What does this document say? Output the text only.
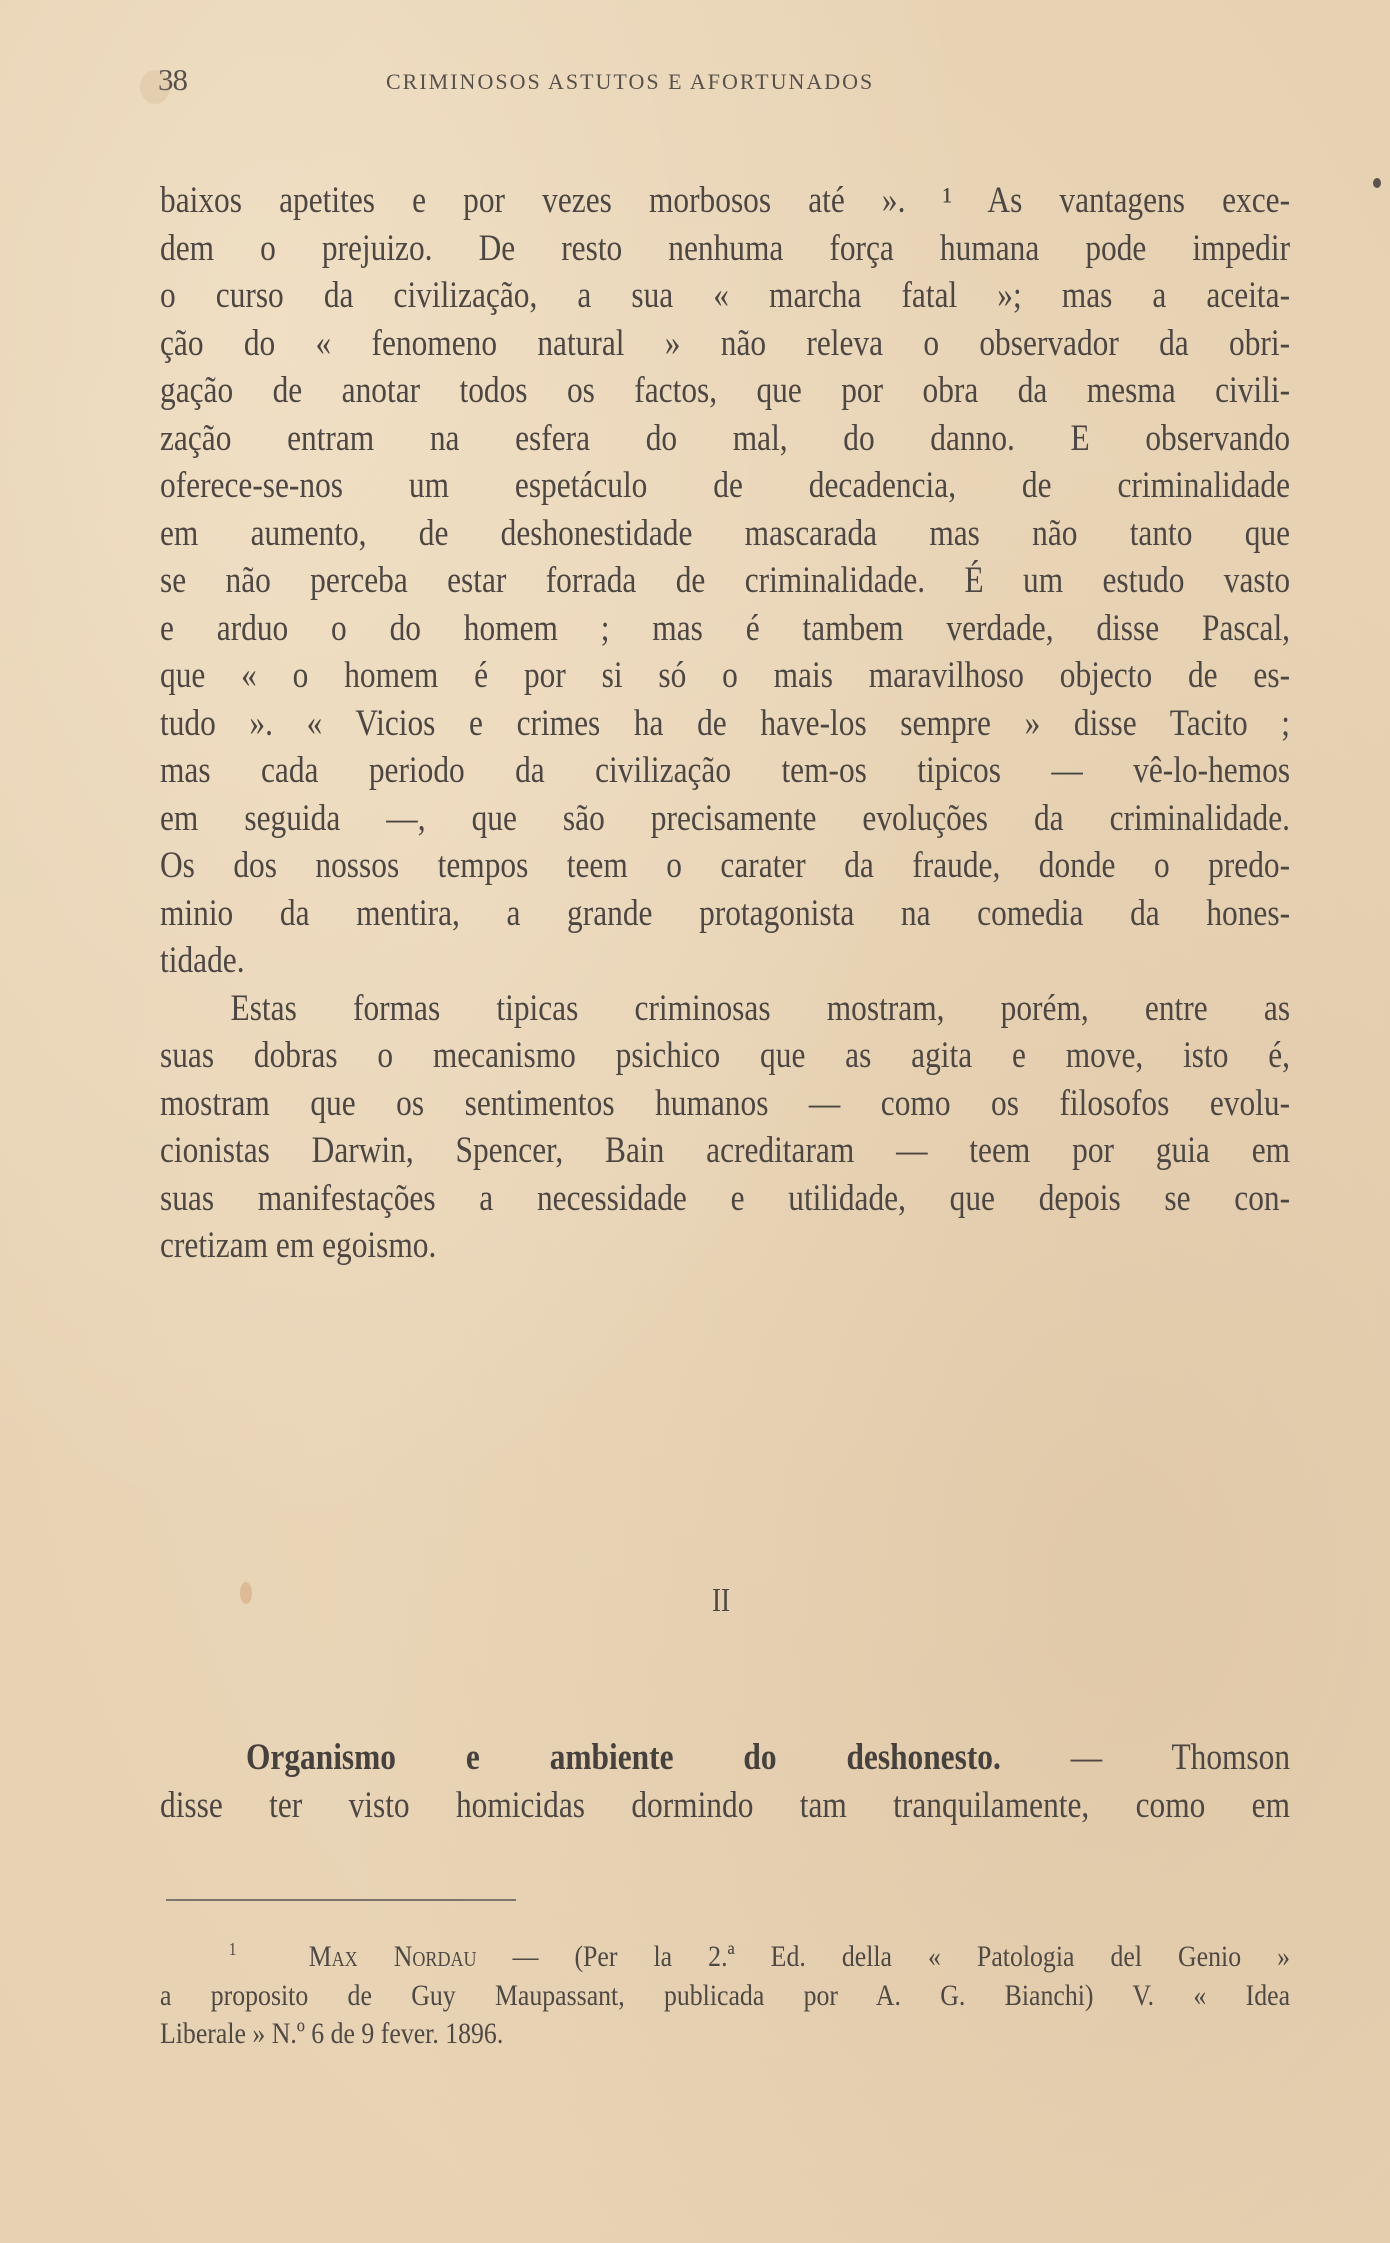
38	CRIMINOSOS ASTUTOS E AFORTUNADOS
baixos apetites e por vezes morbosos até ». ¹ As vantagens exce-
dem o prejuizo. De resto nenhuma força humana pode impedir
o curso da civilização, a sua « marcha fatal »; mas a aceita-
ção do « fenomeno natural » não releva o observador da obri-
gação de anotar todos os factos, que por obra da mesma civili-
zação entram na esfera do mal, do danno. E observando
oferece-se-nos um espetáculo de decadencia, de criminalidade
em aumento, de deshonestidade mascarada mas não tanto que
se não perceba estar forrada de criminalidade. É um estudo vasto
e arduo o do homem ; mas é tambem verdade, disse Pascal,
que « o homem é por si só o mais maravilhoso objecto de es-
tudo ». « Vicios e crimes ha de have-los sempre » disse Tacito ;
mas cada periodo da civilização tem-os tipicos — vê-lo-hemos
em seguida —, que são precisamente evoluções da criminalidade.
Os dos nossos tempos teem o carater da fraude, donde o predo-
minio da mentira, a grande protagonista na comedia da hones-
tidade.
Estas formas tipicas criminosas mostram, porém, entre as
suas dobras o mecanismo psichico que as agita e move, isto é,
mostram que os sentimentos humanos — como os filosofos evolu-
cionistas Darwin, Spencer, Bain acreditaram — teem por guia em
suas manifestações a necessidade e utilidade, que depois se con-
cretizam em egoismo.
II
Organismo e ambiente do deshonesto. — Thomson
disse ter visto homicidas dormindo tam tranquilamente, como em
$^1$ Max Nordau — (Per la 2.ª Ed. della « Patologia del Genio »
a proposito de Guy Maupassant, publicada por A. G. Bianchi) V. « Idea
Liberale » N.º 6 de 9 fever. 1896.
